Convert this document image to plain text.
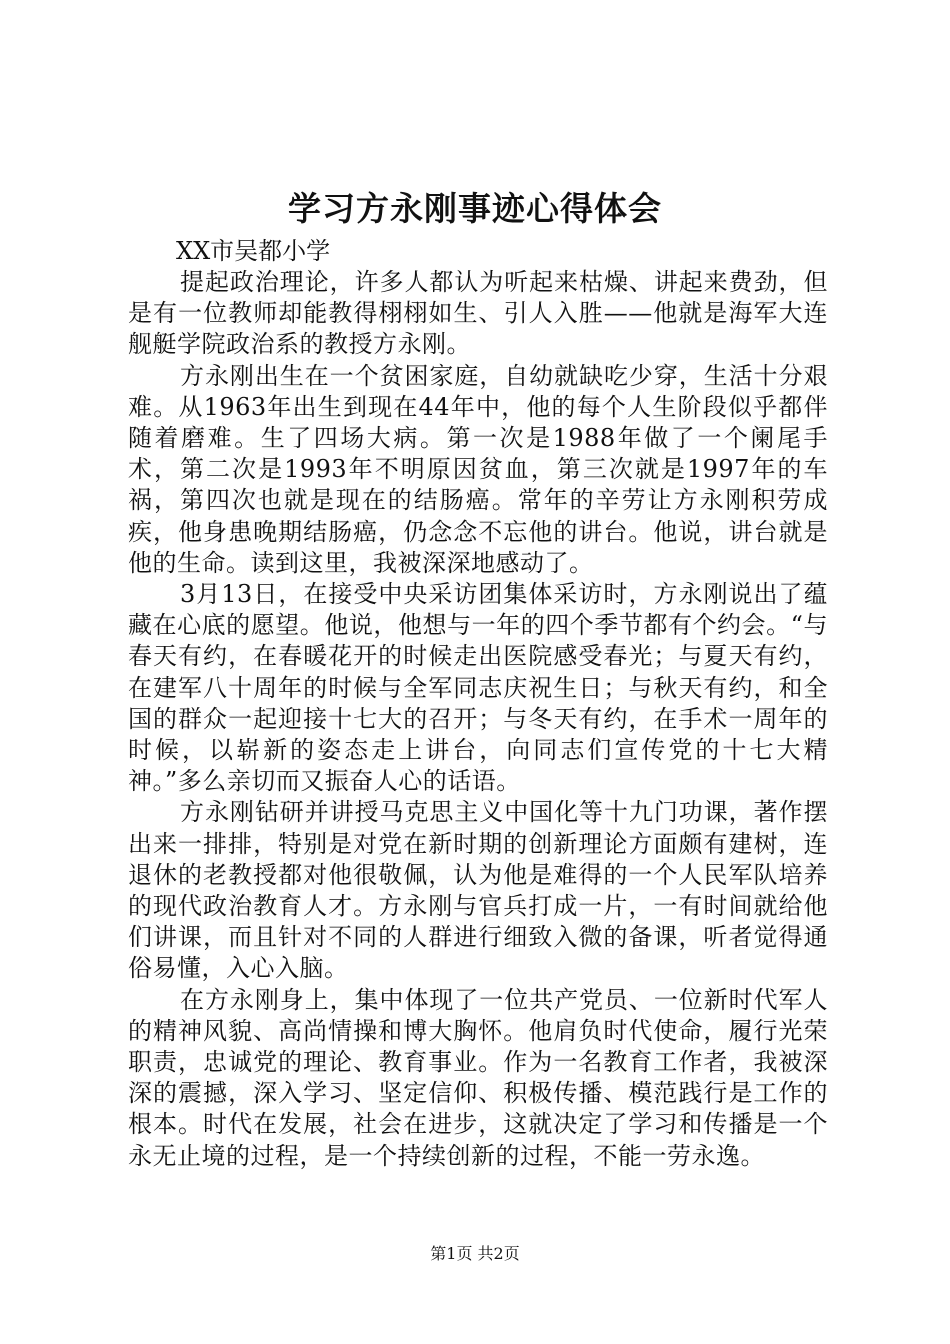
学习方永刚事迹心得体会

XX市吴都小学

提起政治理论，许多人都认为听起来枯燥、讲起来费劲，但是有一位教师却能教得栩栩如生、引人入胜——他就是海军大连舰艇学院政治系的教授方永刚。

方永刚出生在一个贫困家庭，自幼就缺吃少穿，生活十分艰难。从1963年出生到现在44年中，他的每个人生阶段似乎都伴随着磨难。生了四场大病。第一次是1988年做了一个阑尾手术，第二次是1993年不明原因贫血，第三次就是1997年的车祸，第四次也就是现在的结肠癌。常年的辛劳让方永刚积劳成疾，他身患晚期结肠癌，仍念念不忘他的讲台。他说，讲台就是他的生命。读到这里，我被深深地感动了。

3月13日，在接受中央采访团集体采访时，方永刚说出了蕴藏在心底的愿望。他说，他想与一年的四个季节都有个约会。“与春天有约，在春暖花开的时候走出医院感受春光；与夏天有约，在建军八十周年的时候与全军同志庆祝生日；与秋天有约，和全国的群众一起迎接十七大的召开；与冬天有约，在手术一周年的时候，以崭新的姿态走上讲台，向同志们宣传党的十七大精神。”多么亲切而又振奋人心的话语。

方永刚钻研并讲授马克思主义中国化等十九门功课，著作摆出来一排排，特别是对党在新时期的创新理论方面颇有建树，连退休的老教授都对他很敬佩，认为他是难得的一个人民军队培养的现代政治教育人才。方永刚与官兵打成一片，一有时间就给他们讲课，而且针对不同的人群进行细致入微的备课，听者觉得通俗易懂，入心入脑。

在方永刚身上，集中体现了一位共产党员、一位新时代军人的精神风貌、高尚情操和博大胸怀。他肩负时代使命，履行光荣职责，忠诚党的理论、教育事业。作为一名教育工作者，我被深深的震撼，深入学习、坚定信仰、积极传播、模范践行是工作的根本。时代在发展，社会在进步，这就决定了学习和传播是一个永无止境的过程，是一个持续创新的过程，不能一劳永逸。

第1页 共2页
